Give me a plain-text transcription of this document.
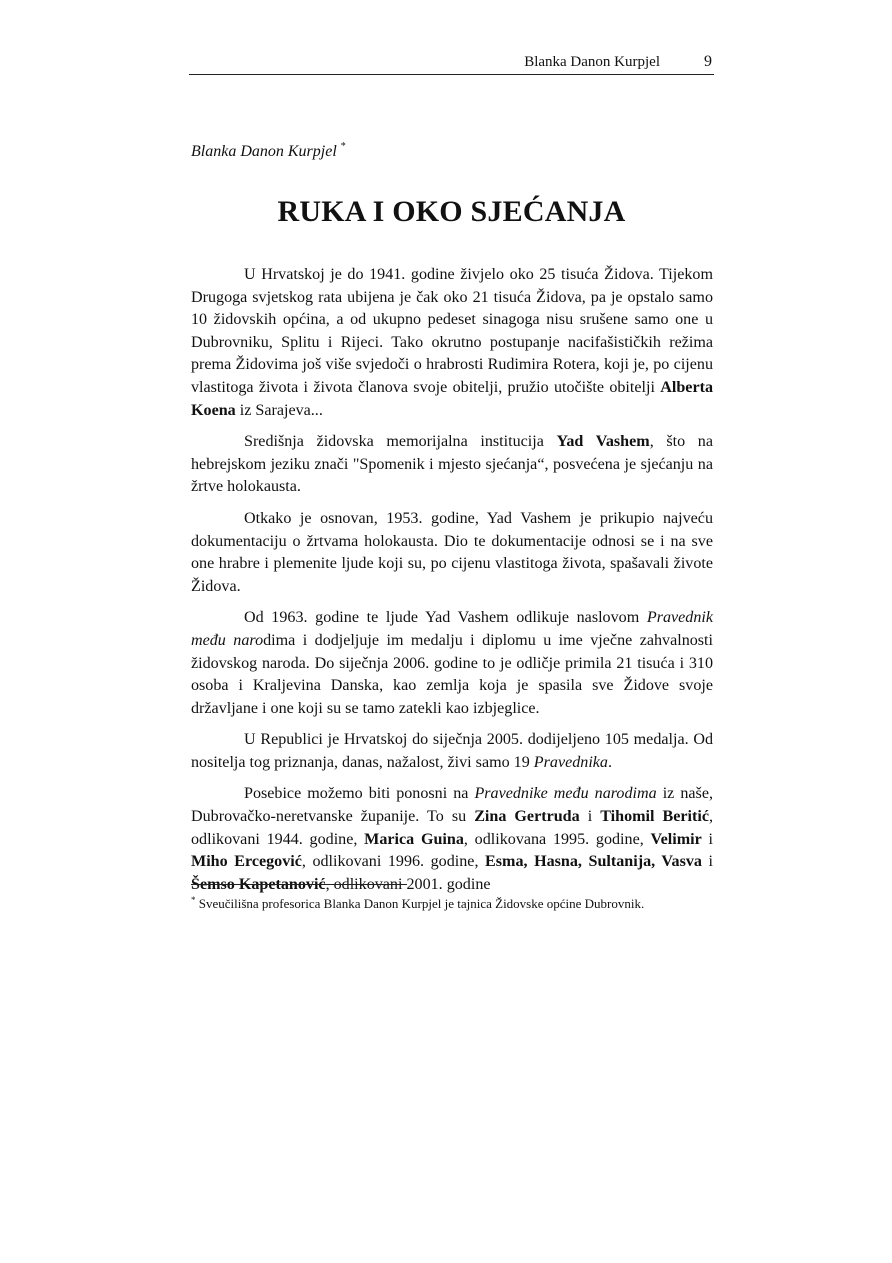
Blanka Danon Kurpjel	9
Blanka Danon Kurpjel *
RUKA I OKO SJEĆANJA

U Hrvatskoj je do 1941. godine živjelo oko 25 tisuća Židova. Tijekom Drugoga svjetskog rata ubijena je čak oko 21 tisuća Židova, pa je opstalo samo 10 židovskih općina, a od ukupno pedeset sinagoga nisu srušene samo one u Dubrovniku, Splitu i Rijeci. Tako okrutno postupanje nacifašističkih režima prema Židovima još više svjedoči o hrabrosti Rudimira Rotera, koji je, po cijenu vlastitoga života i života članova svoje obitelji, pružio utočište obitelji Alberta Koena iz Sarajeva...

Središnja židovska memorijalna institucija Yad Vashem, što na hebrejskom jeziku znači "Spomenik i mjesto sjećanja“, posvećena je sjećanju na žrtve holokausta.

Otkako je osnovan, 1953. godine, Yad Vashem je prikupio najveću dokumentaciju o žrtvama holokausta. Dio te dokumentacije odnosi se i na sve one hrabre i plemenite ljude koji su, po cijenu vlastitoga života, spašavali živote Židova.

Od 1963. godine te ljude Yad Vashem odlikuje naslovom Pravednik među narodima i dodjeljuje im medalju i diplomu u ime vječne zahvalnosti židovskog naroda. Do siječnja 2006. godine to je odličje primila 21 tisuća i 310 osoba i Kraljevina Danska, kao zemlja koja je spasila sve Židove svoje državljane i one koji su se tamo zatekli kao izbjeglice.

U Republici je Hrvatskoj do siječnja 2005. dodijeljeno 105 medalja. Od nositelja tog priznanja, danas, nažalost, živi samo 19 Pravednika.

Posebice možemo biti ponosni na Pravednike među narodima iz naše, Dubrovačko-neretvanske županije. To su Zina Gertruda i Tihomil Beritić, odlikovani 1944. godine, Marica Guina, odlikovana 1995. godine, Velimir i Miho Ercegović, odlikovani 1996. godine, Esma, Hasna, Sultanija, Vasva i Šemso Kapetanović, odlikovani 2001. godine

* Sveučilišna profesorica Blanka Danon Kurpjel je tajnica Židovske općine Dubrovnik.
